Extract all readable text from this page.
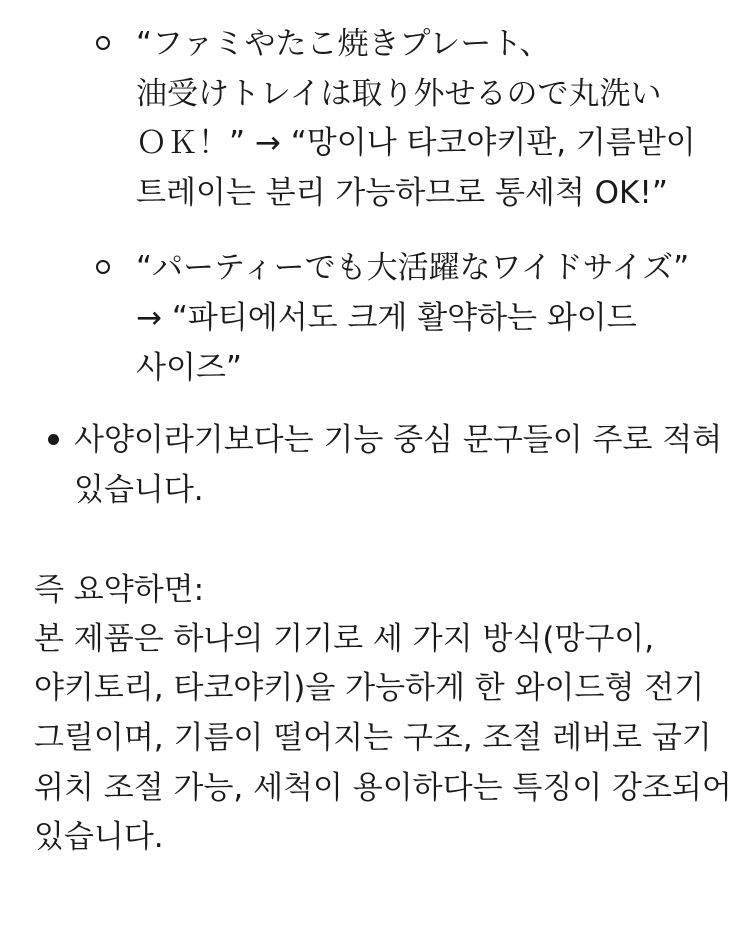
“ファミやたこ焼きプレート、
油受けトレイは取り外せるので丸洗い
ＯＫ！” → “망이나 타코야키판, 기름받이
트레이는 분리 가능하므로 통세척 OK!”
“パーティーでも大活躍なワイドサイズ”
→ “파티에서도 크게 활약하는 와이드
사이즈”
사양이라기보다는 기능 중심 문구들이 주로 적혀
있습니다.
즉 요약하면:
본 제품은 하나의 기기로 세 가지 방식(망구이,
야키토리, 타코야키)을 가능하게 한 와이드형 전기
그릴이며, 기름이 떨어지는 구조, 조절 레버로 굽기
위치 조절 가능, 세척이 용이하다는 특징이 강조되어
있습니다.
